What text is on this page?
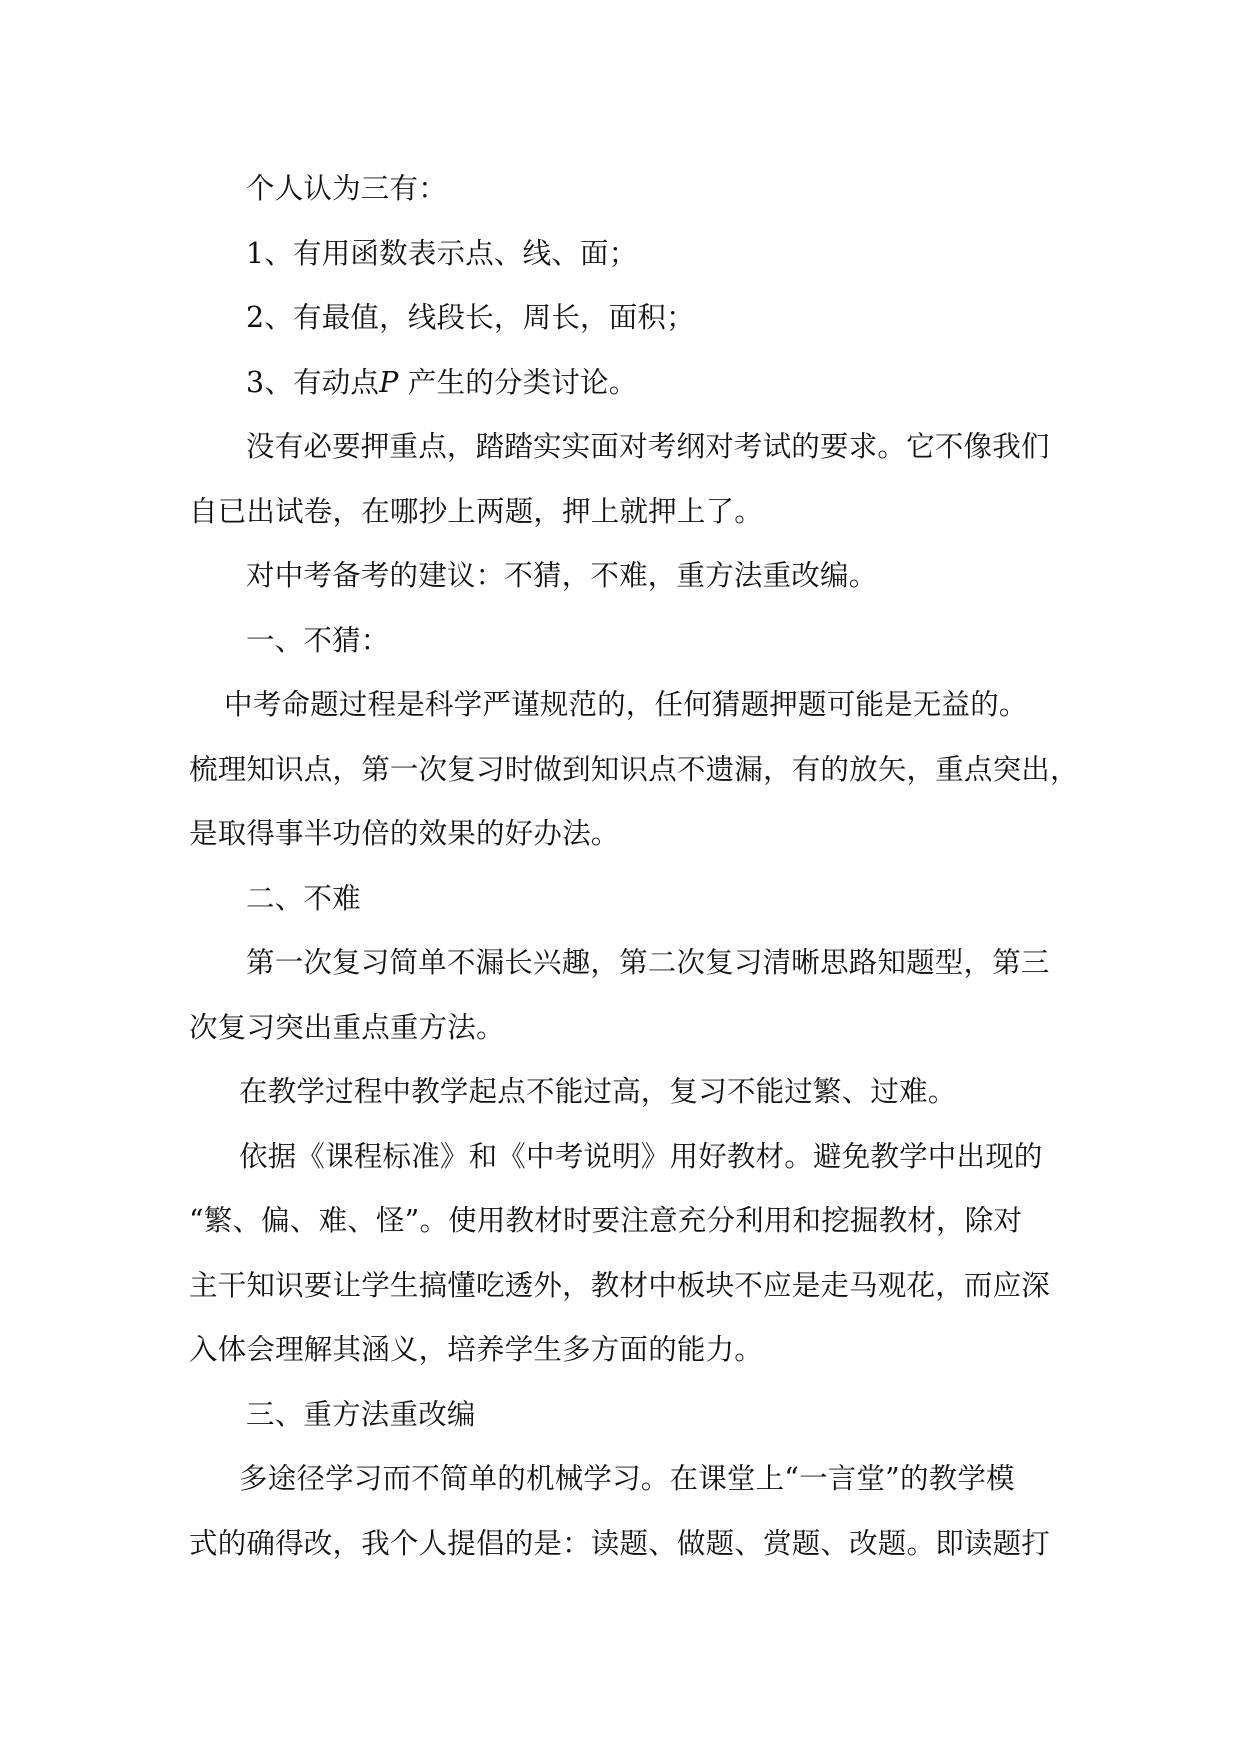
个人认为三有：
1、有用函数表示点、线、面；
2、有最值，线段长，周长，面积；
3、有动点P 产生的分类讨论。
没有必要押重点，踏踏实实面对考纲对考试的要求。它不像我们
自已出试卷，在哪抄上两题，押上就押上了。
对中考备考的建议：不猜，不难，重方法重改编。
一、不猜：
中考命题过程是科学严谨规范的，任何猜题押题可能是无益的。
梳理知识点，第一次复习时做到知识点不遗漏，有的放矢，重点突出，
是取得事半功倍的效果的好办法。
二、不难
第一次复习简单不漏长兴趣，第二次复习清晰思路知题型，第三
次复习突出重点重方法。
在教学过程中教学起点不能过高，复习不能过繁、过难。
依据《课程标准》和《中考说明》用好教材。避免教学中出现的
“繁、偏、难、怪”。使用教材时要注意充分利用和挖掘教材，除对
主干知识要让学生搞懂吃透外，教材中板块不应是走马观花，而应深
入体会理解其涵义，培养学生多方面的能力。
三、重方法重改编
多途径学习而不简单的机械学习。在课堂上“一言堂”的教学模
式的确得改，我个人提倡的是：读题、做题、赏题、改题。即读题打
